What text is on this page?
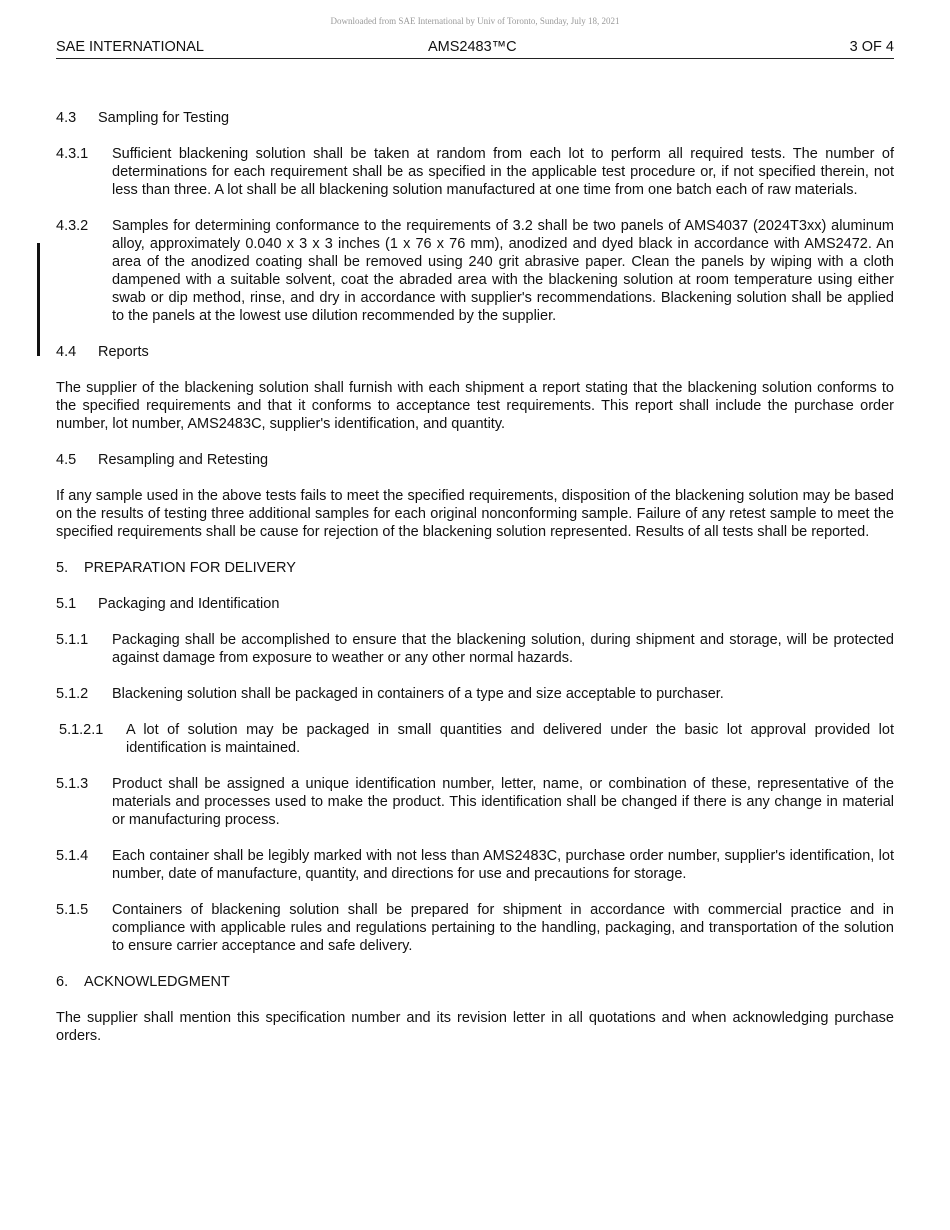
Downloaded from SAE International by Univ of Toronto, Sunday, July 18, 2021
SAE INTERNATIONAL	AMS2483™C	3 OF 4
4.3	Sampling for Testing
4.3.1	Sufficient blackening solution shall be taken at random from each lot to perform all required tests. The number of determinations for each requirement shall be as specified in the applicable test procedure or, if not specified therein, not less than three. A lot shall be all blackening solution manufactured at one time from one batch each of raw materials.
4.3.2	Samples for determining conformance to the requirements of 3.2 shall be two panels of AMS4037 (2024T3xx) aluminum alloy, approximately 0.040 x 3 x 3 inches (1 x 76 x 76 mm), anodized and dyed black in accordance with AMS2472. An area of the anodized coating shall be removed using 240 grit abrasive paper. Clean the panels by wiping with a cloth dampened with a suitable solvent, coat the abraded area with the blackening solution at room temperature using either swab or dip method, rinse, and dry in accordance with supplier's recommendations. Blackening solution shall be applied to the panels at the lowest use dilution recommended by the supplier.
4.4	Reports

The supplier of the blackening solution shall furnish with each shipment a report stating that the blackening solution conforms to the specified requirements and that it conforms to acceptance test requirements. This report shall include the purchase order number, lot number, AMS2483C, supplier's identification, and quantity.

4.5	Resampling and Retesting

If any sample used in the above tests fails to meet the specified requirements, disposition of the blackening solution may be based on the results of testing three additional samples for each original nonconforming sample. Failure of any retest sample to meet the specified requirements shall be cause for rejection of the blackening solution represented. Results of all tests shall be reported.

5.	PREPARATION FOR DELIVERY
5.1	Packaging and Identification
5.1.1	Packaging shall be accomplished to ensure that the blackening solution, during shipment and storage, will be protected against damage from exposure to weather or any other normal hazards.
5.1.2	Blackening solution shall be packaged in containers of a type and size acceptable to purchaser.
5.1.2.1	A lot of solution may be packaged in small quantities and delivered under the basic lot approval provided lot identification is maintained.
5.1.3	Product shall be assigned a unique identification number, letter, name, or combination of these, representative of the materials and processes used to make the product. This identification shall be changed if there is any change in material or manufacturing process.
5.1.4	Each container shall be legibly marked with not less than AMS2483C, purchase order number, supplier's identification, lot number, date of manufacture, quantity, and directions for use and precautions for storage.
5.1.5	Containers of blackening solution shall be prepared for shipment in accordance with commercial practice and in compliance with applicable rules and regulations pertaining to the handling, packaging, and transportation of the solution to ensure carrier acceptance and safe delivery.
6.	ACKNOWLEDGMENT

The supplier shall mention this specification number and its revision letter in all quotations and when acknowledging purchase orders.
